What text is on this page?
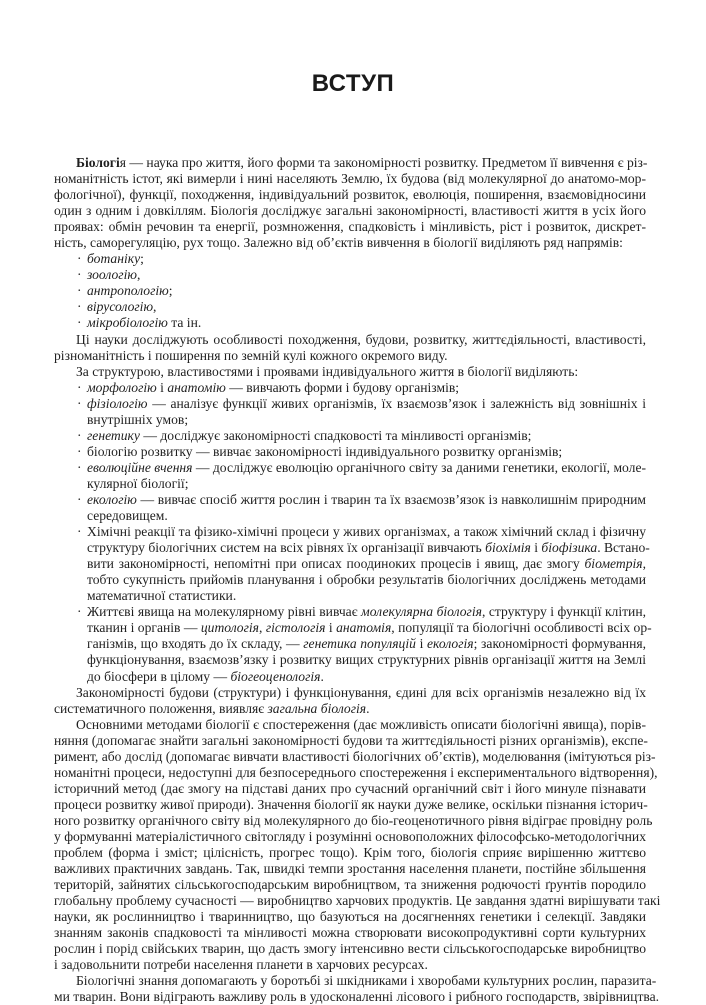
ВСТУП
Біологія — наука про життя, його форми та закономірності розвитку. Предметом її вивчення є різ-
номанітність істот, які вимерли і нині населяють Землю, їх будова (від молекулярної до анатомо-мор-
фологічної), функції, походження, індивідуальний розвиток, еволюція, поширення, взаємовідносини
один з одним і довкіллям. Біологія досліджує загальні закономірності, властивості життя в усіх його
проявах: обмін речовин та енергії, розмноження, спадковість і мінливість, ріст і розвиток, дискрет-
ність, саморегуляцію, рух тощо. Залежно від об’єктів вивчення в біології виділяють ряд напрямів:
· ботаніку;
· зоологію,
· антропологію;
· вірусологію,
· мікробіологію та ін.
Ці науки досліджують особливості походження, будови, розвитку, життєдіяльності, властивості,
різноманітність і поширення по земній кулі кожного окремого виду.
За структурою, властивостями і проявами індивідуального життя в біології виділяють:
· морфологію і анатомію — вивчають форми і будову організмів;
· фізіологію — аналізує функції живих організмів, їх взаємозв’язок і залежність від зовнішніх і
внутрішніх умов;
· генетику — досліджує закономірності спадковості та мінливості організмів;
· біологію розвитку — вивчає закономірності індивідуального розвитку організмів;
· еволюційне вчення — досліджує еволюцію органічного світу за даними генетики, екології, моле-
кулярної біології;
· екологію — вивчає спосіб життя рослин і тварин та їх взаємозв’язок із навколишнім природним
середовищем.
· Хімічні реакції та фізико-хімічні процеси у живих організмах, а також хімічний склад і фізичну
структуру біологічних систем на всіх рівнях їх організації вивчають біохімія і біофізика. Встано-
вити закономірності, непомітні при описах поодиноких процесів і явищ, дає змогу біометрія,
тобто сукупність прийомів планування і обробки результатів біологічних досліджень методами
математичної статистики.
· Життєві явища на молекулярному рівні вивчає молекулярна біологія, структуру і функції клітин,
тканин і органів — цитологія, гістологія і анатомія, популяції та біологічні особливості всіх ор-
ганізмів, що входять до їх складу, — генетика популяцій і екологія; закономірності формування,
функціонування, взаємозв’язку і розвитку вищих структурних рівнів організації життя на Землі
до біосфери в цілому — біогеоценологія.
Закономірності будови (структури) і функціонування, єдині для всіх організмів незалежно від їх
систематичного положення, виявляє загальна біологія.
Основними методами біології є спостереження (дає можливість описати біологічні явища), порів-
няння (допомагає знайти загальні закономірності будови та життєдіяльності різних організмів), експе-
римент, або дослід (допомагає вивчати властивості біологічних об’єктів), моделювання (імітуються різ-
номанітні процеси, недоступні для безпосереднього спостереження і експериментального відтворення),
історичний метод (дає змогу на підставі даних про сучасний органічний світ і його минуле пізнавати
процеси розвитку живої природи). Значення біології як науки дуже велике, оскільки пізнання історич-
ного розвитку органічного світу від молекулярного до біо-геоценотичного рівня відіграє провідну роль
у формуванні матеріалістичного світогляду і розумінні основоположних філософсько-методологічних
проблем (форма і зміст; цілісність, прогрес тощо). Крім того, біологія сприяє вирішенню життєво
важливих практичних завдань. Так, швидкі темпи зростання населення планети, постійне збільшення
територій, зайнятих сільськогосподарським виробництвом, та зниження родючості ґрунтів породило
глобальну проблему сучасності — виробництво харчових продуктів. Це завдання здатні вирішувати такі
науки, як рослинництво і тваринництво, що базуються на досягненнях генетики і селекції. Завдяки
знанням законів спадковості та мінливості можна створювати високопродуктивні сорти культурних
рослин і порід свійських тварин, що дасть змогу інтенсивно вести сільськогосподарське виробництво
і задовольнити потреби населення планети в харчових ресурсах.
Біологічні знання допомагають у боротьбі зі шкідниками і хворобами культурних рослин, паразита-
ми тварин. Вони відіграють важливу роль в удосконаленні лісового і рибного господарств, звірівництва.
